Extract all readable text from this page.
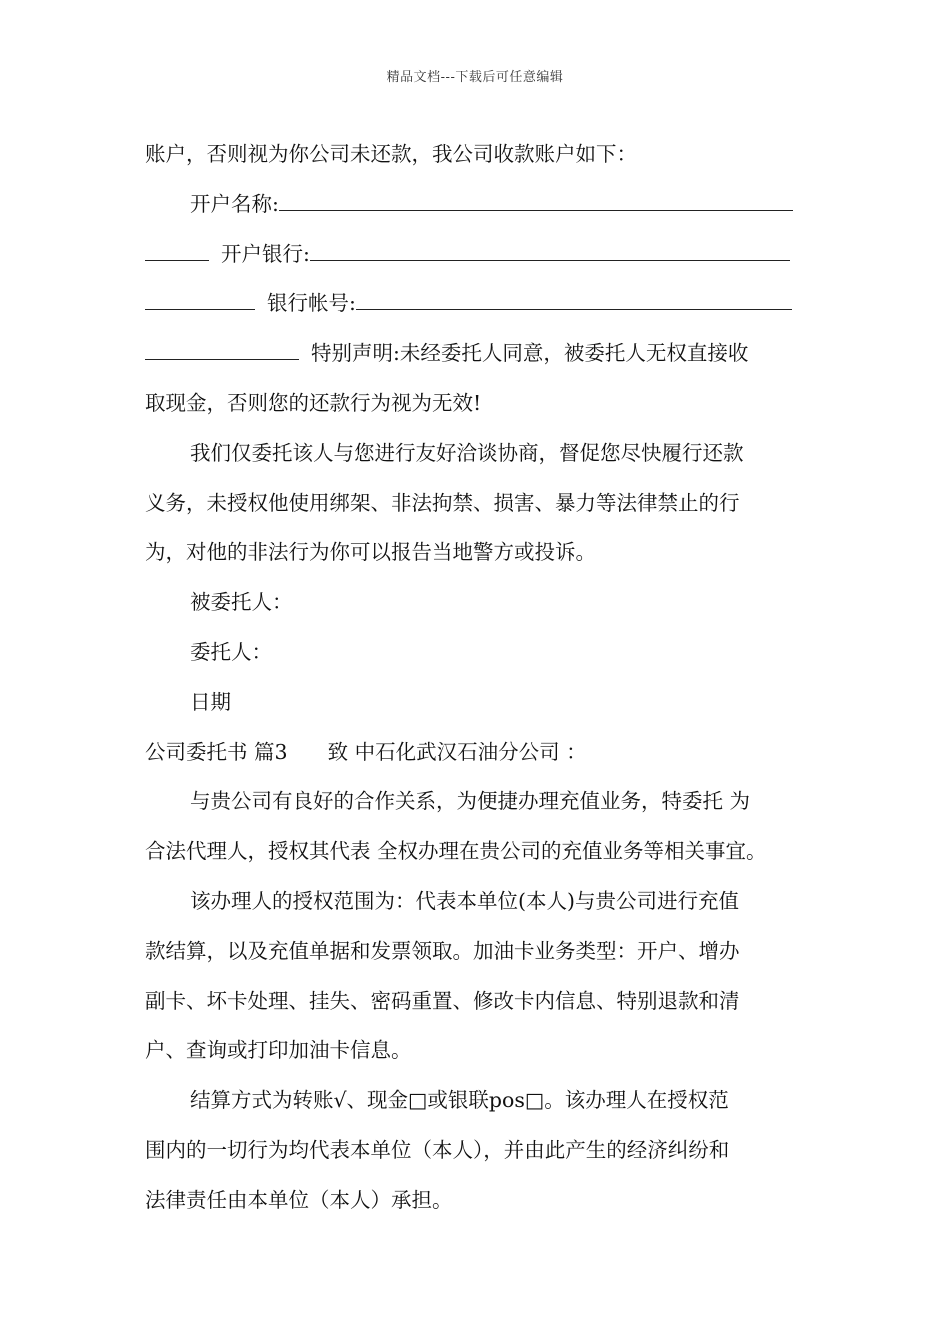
精品文档---下载后可任意编辑
账户，否则视为你公司未还款，我公司收款账户如下：
开户名称:
开户银行:
银行帐号:
特别声明:未经委托人同意，被委托人无权直接收
取现金，否则您的还款行为视为无效!
我们仅委托该人与您进行友好洽谈协商，督促您尽快履行还款
义务，未授权他使用绑架、非法拘禁、损害、暴力等法律禁止的行
为，对他的非法行为你可以报告当地警方或投诉。
被委托人：
委托人：
日期
公司委托书 篇3 致 中石化武汉石油分公司 ：
与贵公司有良好的合作关系，为便捷办理充值业务，特委托 为
合法代理人，授权其代表 全权办理在贵公司的充值业务等相关事宜。
该办理人的授权范围为：代表本单位(本人)与贵公司进行充值
款结算，以及充值单据和发票领取。加油卡业务类型：开户、增办
副卡、坏卡处理、挂失、密码重置、修改卡内信息、特别退款和清
户、查询或打印加油卡信息。
结算方式为转账√、现金□或银联pos□。该办理人在授权范
围内的一切行为均代表本单位（本人），并由此产生的经济纠纷和
法律责任由本单位（本人）承担。
